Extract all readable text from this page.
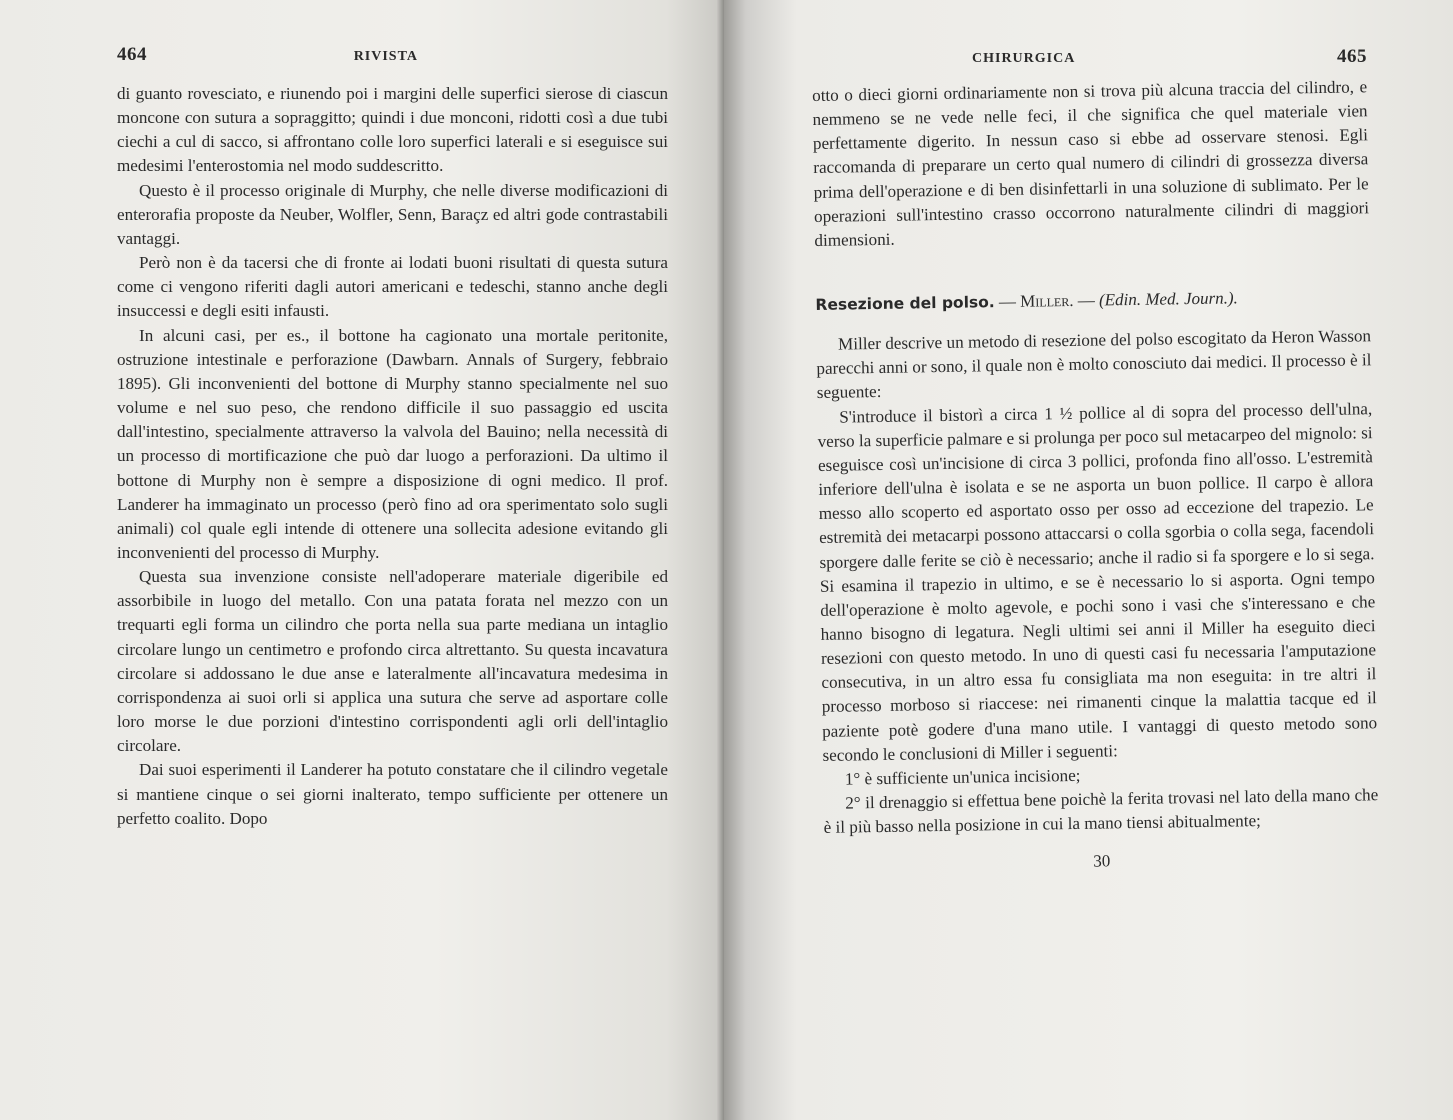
464	RIVISTA

di guanto rovesciato, e riunendo poi i margini delle superfici sierose di ciascun moncone con sutura a sopraggitto; quindi i due monconi, ridotti così a due tubi ciechi a cul di sacco, si affrontano colle loro superfici laterali e si eseguisce sui medesimi l'enterostomia nel modo suddescritto.

Questo è il processo originale di Murphy, che nelle diverse modificazioni di enterorafia proposte da Neuber, Wolfler, Senn, Baraçz ed altri gode contrastabili vantaggi.

Però non è da tacersi che di fronte ai lodati buoni risultati di questa sutura come ci vengono riferiti dagli autori americani e tedeschi, stanno anche degli insuccessi e degli esiti infausti.

In alcuni casi, per es., il bottone ha cagionato una mortale peritonite, ostruzione intestinale e perforazione (Dawbarn. Annals of Surgery, febbraio 1895). Gli inconvenienti del bottone di Murphy stanno specialmente nel suo volume e nel suo peso, che rendono difficile il suo passaggio ed uscita dall'intestino, specialmente attraverso la valvola del Bauino; nella necessità di un processo di mortificazione che può dar luogo a perforazioni. Da ultimo il bottone di Murphy non è sempre a disposizione di ogni medico. Il prof. Landerer ha immaginato un processo (però fino ad ora sperimentato solo sugli animali) col quale egli intende di ottenere una sollecita adesione evitando gli inconvenienti del processo di Murphy.

Questa sua invenzione consiste nell'adoperare materiale digeribile ed assorbibile in luogo del metallo. Con una patata forata nel mezzo con un trequarti egli forma un cilindro che porta nella sua parte mediana un intaglio circolare lungo un centimetro e profondo circa altrettanto. Su questa incavatura circolare si addossano le due anse e lateralmente all'incavatura medesima in corrispondenza ai suoi orli si applica una sutura che serve ad asportare colle loro morse le due porzioni d'intestino corrispondenti agli orli dell'intaglio circolare.

Dai suoi esperimenti il Landerer ha potuto constatare che il cilindro vegetale si mantiene cinque o sei giorni inalterato, tempo sufficiente per ottenere un perfetto coalito. Dopo

CHIRURGICA	465

otto o dieci giorni ordinariamente non si trova più alcuna traccia del cilindro, e nemmeno se ne vede nelle feci, il che significa che quel materiale vien perfettamente digerito. In nessun caso si ebbe ad osservare stenosi. Egli raccomanda di preparare un certo qual numero di cilindri di grossezza diversa prima dell'operazione e di ben disinfettarli in una soluzione di sublimato. Per le operazioni sull'intestino crasso occorrono naturalmente cilindri di maggiori dimensioni.

Resezione del polso. — Miller. — (Edin. Med. Journ.).

Miller descrive un metodo di resezione del polso escogitato da Heron Wasson parecchi anni or sono, il quale non è molto conosciuto dai medici. Il processo è il seguente:

S'introduce il bistorì a circa 1 ½ pollice al di sopra del processo dell'ulna, verso la superficie palmare e si prolunga per poco sul metacarpeo del mignolo: si eseguisce così un'incisione di circa 3 pollici, profonda fino all'osso. L'estremità inferiore dell'ulna è isolata e se ne asporta un buon pollice. Il carpo è allora messo allo scoperto ed asportato osso per osso ad eccezione del trapezio. Le estremità dei metacarpi possono attaccarsi o colla sgorbia o colla sega, facendoli sporgere dalle ferite se ciò è necessario; anche il radio si fa sporgere e lo si sega. Si esamina il trapezio in ultimo, e se è necessario lo si asporta. Ogni tempo dell'operazione è molto agevole, e pochi sono i vasi che s'interessano e che hanno bisogno di legatura. Negli ultimi sei anni il Miller ha eseguito dieci resezioni con questo metodo. In uno di questi casi fu necessaria l'amputazione consecutiva, in un altro essa fu consigliata ma non eseguita: in tre altri il processo morboso si riaccese: nei rimanenti cinque la malattia tacque ed il paziente potè godere d'una mano utile. I vantaggi di questo metodo sono secondo le conclusioni di Miller i seguenti:

1° è sufficiente un'unica incisione;

2° il drenaggio si effettua bene poichè la ferita trovasi nel lato della mano che è il più basso nella posizione in cui la mano tiensi abitualmente;

30
